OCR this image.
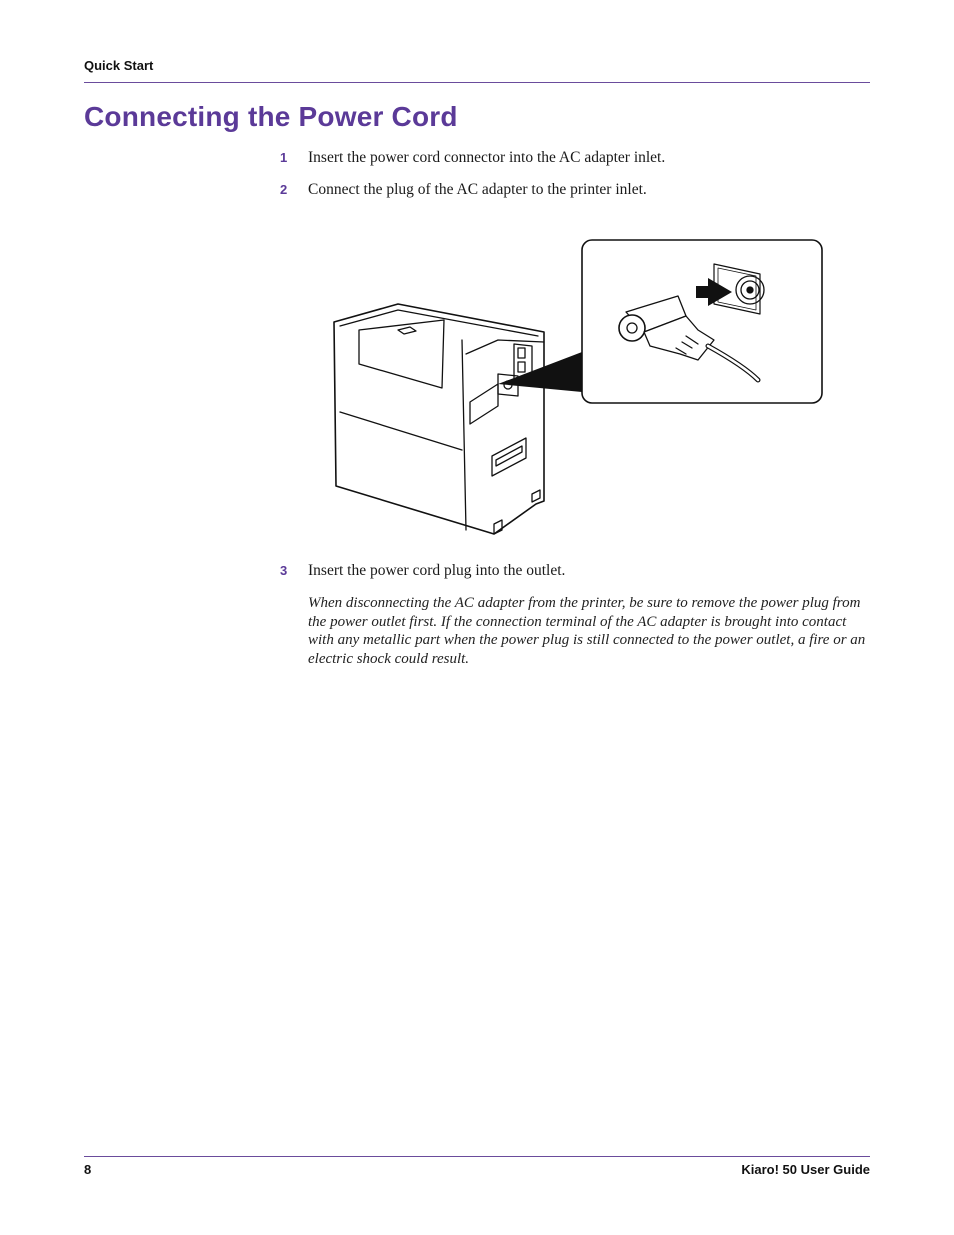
Quick Start
Connecting the Power Cord
1	Insert the power cord connector into the AC adapter inlet.
2	Connect the plug of the AC adapter to the printer inlet.
3	Insert the power cord plug into the outlet.

When disconnecting the AC adapter from the printer, be sure to remove the power plug from the power outlet first. If the connection terminal of the AC adapter is brought into contact with any metallic part when the power plug is still connected to the power outlet, a fire or an electric shock could result.

8	Kiaro! 50 User Guide
